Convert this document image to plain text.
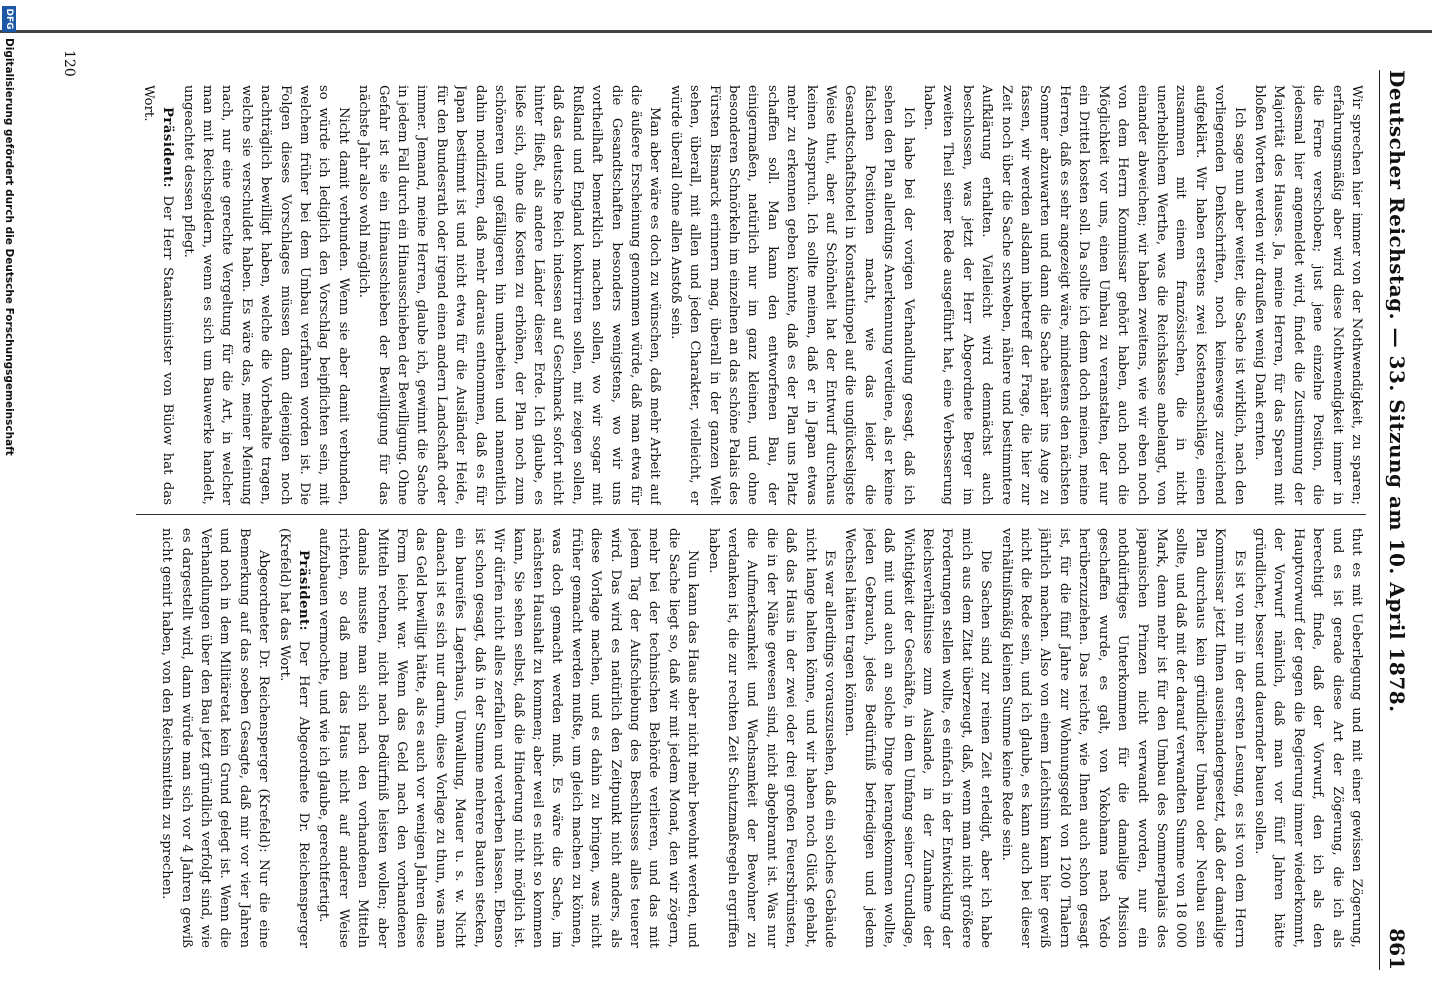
Deutscher Reichstag. — 33. Sitzung am 10. April 1878.
861

Wir sprechen hier immer von der Nothwendigkeit, zu sparen; erfahrungsmäßig aber wird diese Nothwendigkeit immer in die Ferne verschoben; just jene einzelne Position, die jedesmal hier angemeldet wird, findet die Zustimmung der Majorität des Hauses. Ja, meine Herren, für das Sparen mit bloßen Worten werden wir draußen wenig Dank ernten.

Ich sage nun aber weiter, die Sache ist wirklich, nach den vorliegenden Denkschriften, noch keineswegs zureichend aufgeklärt. Wir haben erstens zwei Kostenanschläge, einen zusammen mit einem französischen, die in nicht unerheblichem Werthe, was die Reichskasse anbelangt, von einander abweichen; wir haben zweitens, wie wir eben noch von dem Herrn Kommissar gehört haben, auch noch die Möglichkeit vor uns, einen Umbau zu veranstalten, der nur ein Drittel kosten soll. Da sollte ich denn doch meinen, meine Herren, daß es sehr angezeigt wäre, mindestens den nächsten Sommer abzuwarten und dann die Sache näher ins Auge zu fassen, wir werden alsdann inbetreff der Frage, die hier zur Zeit noch über die Sache schweben, nähere und bestimmtere Aufklärung erhalten. Vielleicht wird demnächst auch beschlossen, was jetzt der Herr Abgeordnete Berger im zweiten Theil seiner Rede ausgeführt hat, eine Verbesserung haben.

Ich habe bei der vorigen Verhandlung gesagt, daß ich sehen den Plan allerdings Anerkennung verdiene, als er keine falschen Positionen macht, wie das leider die Gesandtschaftshotel in Konstantinopel auf die unglückseligste Weise thut, aber auf Schönheit hat der Entwurf durchaus keinen Anspruch. Ich sollte meinen, daß er in Japan etwas mehr zu erkennen geben könnte, daß es der Plan uns Platz schaffen soll. Man kann den entworfenen Bau, der einigermaßen, natürlich nur im ganz kleinen, und ohne besonderen Schnörkeln im einzelnen an das schöne Palais des Fürsten Bismarck erinnern mag, überall in der ganzen Welt sehen, überall, mit allen und jeden Charakter, vielleicht, er würde überall ohne allen Anstoß sein.

Man aber wäre es doch zu wünschen, daß mehr Arbeit auf die äußere Erscheinung genommen würde, daß man etwa für die Gesandtschaften besonders wenigstens, wo wir uns vortheilhaft bemerklich machen sollen, wo wir sogar mit Rußland und England konkurriren sollen, mit zeigen sollen, daß das deutsche Reich indessen auf Geschmack sofort nicht hinter fließt, als andere Länder dieser Erde. Ich glaube, es ließe sich, ohne die Kosten zu erhöhen, der Plan noch zum schöneren und gefälligeren hin umarbeiten und namentlich dahin modifiziren, daß mehr daraus entnommen, daß es für Japan bestimmt ist und nicht etwa für die Ausländer Heide, für den Bundesrath oder irgend einen andern Landschaft oder immer. Jemand, meine Herren, glaube ich, gewinnt die Sache in jedem Fall durch ein Hinausschieben der Bewilligung. Ohne Gefahr ist sie ein Hinausschieben der Bewilligung für das nächste Jahr also wohl möglich.

Nicht damit verbunden. Wenn sie aber damit verbunden, so würde ich lediglich den Vorschlag beipflichten sein, mit welchem früher bei dem Umbau verfahren worden ist. Die Folgen dieses Vorschlages müssen dann diejenigen noch nachträglich bewilligt haben, welche die Vorbehalte tragen, welche sie verschuldet haben. Es wäre das, meiner Meinung nach, nur eine gerechte Vergeltung für die Art, in welcher man mit Reichsgeldern, wenn es sich um Bauwerke handelt, ungeachtet dessen pflegt.

Präsident: Der Herr Staatsminister von Bülow hat das Wort.

thut es mit Ueberlegung und mit einer gewissen Zögerung, und es ist gerade diese Art der Zögerung, die ich als berechtigt finde, daß der Vorwurf, den ich als den Hauptvorwurf der gegen die Regierung immer wiederkommt, der Vorwurf nämlich, daß man vor fünf Jahren hätte gründlicher, besser und dauernder bauen sollen.

Es ist von mir in der ersten Lesung, es ist von dem Herrn Kommissar jetzt Ihnen auseinandergesetzt, daß der damalige Plan durchaus kein gründlicher Umbau oder Neubau sein sollte, und daß mit der darauf verwandten Summe von 18 000 Mark, denn mehr ist für den Umbau des Sommerpalais des japanischen Prinzen nicht verwandt worden, nur ein nothdürftiges Unterkommen für die damalige Mission geschaffen wurde, es galt, von Yokohama nach Yedo herüberzuziehen. Das reichte, wie Ihnen auch schon gesagt ist, für die fünf Jahre zur Wohnungsgeld von 1200 Thalern jährlich machen. Also von einem Leichtsinn kann hier gewiß nicht die Rede sein, und ich glaube, es kann auch bei dieser verhältnißmäßig kleinen Summe keine Rede sein.

Die Sachen sind zur reinen Zeit erledigt, aber ich habe mich aus dem Zitat überzeugt, daß, wenn man nicht größere Forderungen stellen wollte, es einfach in der Entwicklung der Reichsverhältnisse zum Auslande, in der Zunahme der Wichtigkeit der Geschäfte, in dem Umfang seiner Grundlage, daß mit und auch an solche Dinge herangekommen wollte, jeden Gebrauch, jedes Bedürfniß befriedigen und jedem Wechsel hätten tragen können.

Es war allerdings vorauszusehen, daß ein solches Gebäude nicht lange halten könne, und wir haben noch Glück gehabt, daß das Haus in der zwei oder drei großen Feuersbrünsten, die in der Nähe gewesen sind, nicht abgebrannt ist. Was nur die Aufmerksamkeit und Wachsamkeit der Bewohner zu verdanken ist, die zur rechten Zeit Schutzmaßregeln ergriffen haben.

Nun kann das Haus aber nicht mehr bewohnt werden, und die Sache liegt so, daß wir mit jedem Monat, den wir zögern, mehr bei der technischen Behörde verlieren, und das mit jedem Tag der Aufschiebung des Beschlusses alles teuerer wird. Das wird es natürlich den Zeitpunkt nicht anders, als diese Vorlage machen, und es dahin zu bringen, was nicht früher gemacht werden mußte, um gleich machen zu können, was doch gemacht werden muß. Es wäre die Sache, im nächsten Haushalt zu kommen; aber weil es nicht so kommen kann, Sie sehen selbst, daß die Hinderung nicht möglich ist. Wir dürfen nicht alles zerfallen und verderben lassen. Ebenso ist schon gesagt, daß in der Summe mehrere Bauten stecken, ein baureifes Lagerhaus, Umwallung, Mauer u. s. w. Nicht danach ist es sich nur darum, diese Vorlage zu thun, was man das Geld bewilligt hätte, als es auch vor wenigen Jahren diese Form leicht war. Wenn das Geld nach den vorhandenen Mitteln rechnen, nicht nach Bedürfniß leisten wollen; aber damals musste man sich nach den vorhandenen Mitteln richten, so daß man das Haus nicht auf anderer Weise aufzubauen vermochte, und wie ich glaube, gerechtfertigt.

Präsident: Der Herr Abgeordnete Dr. Reichensperger (Krefeld) hat das Wort.

Abgeordneter Dr. Reichensperger (Krefeld): Nur die eine Bemerkung auf das soeben Gesagte, daß mir vor vier Jahren und noch in dem Militäretat kein Grund gelegt ist. Wenn die Verhandlungen über den Bau jetzt gründlich verfolgt sind, wie es dargestellt wird, dann würde man sich vor 4 Jahren gewiß nicht genirt haben, von den Reichsmitteln zu sprechen.

120
DFG
Digitalisierung gefördert durch die Deutsche Forschungsgemeinschaft
